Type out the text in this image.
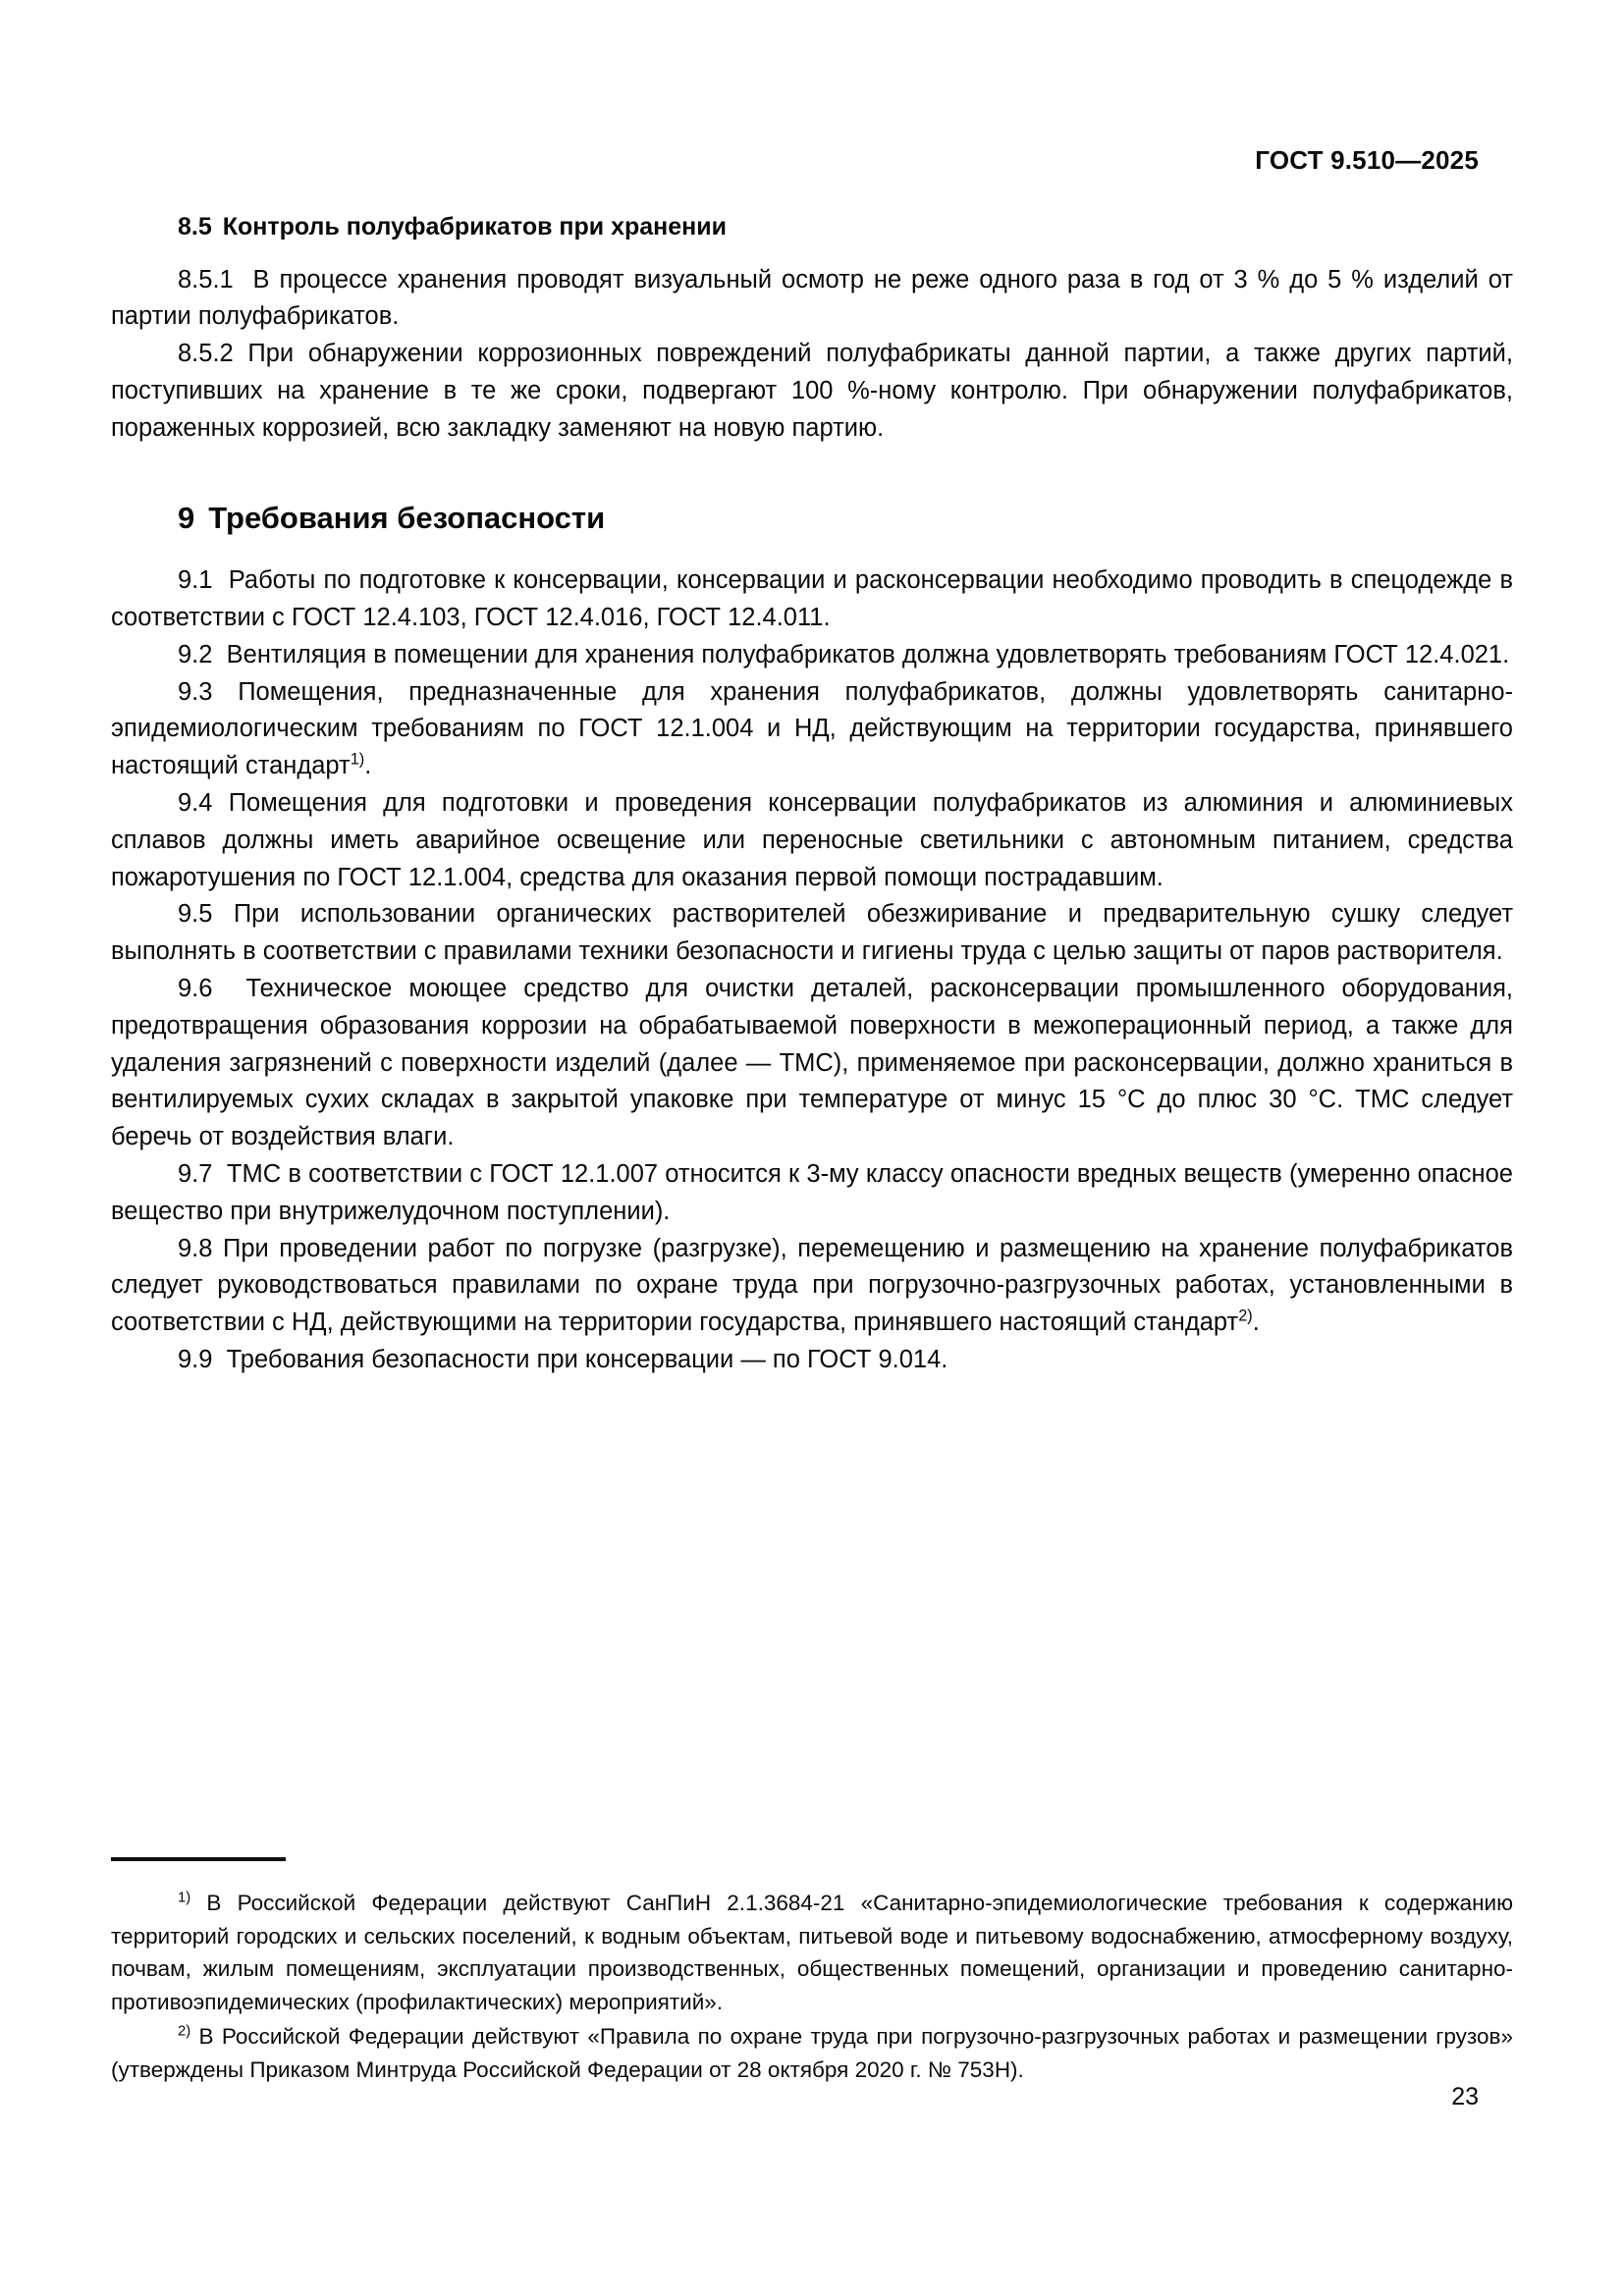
ГОСТ 9.510—2025
8.5 Контроль полуфабрикатов при хранении

8.5.1 В процессе хранения проводят визуальный осмотр не реже одного раза в год от 3 % до 5 % изделий от партии полуфабрикатов.

8.5.2 При обнаружении коррозионных повреждений полуфабрикаты данной партии, а также других партий, поступивших на хранение в те же сроки, подвергают 100 %-ному контролю. При обнаружении полуфабрикатов, пораженных коррозией, всю закладку заменяют на новую партию.

9 Требования безопасности

9.1 Работы по подготовке к консервации, консервации и расконсервации необходимо проводить в спецодежде в соответствии с ГОСТ 12.4.103, ГОСТ 12.4.016, ГОСТ 12.4.011.

9.2 Вентиляция в помещении для хранения полуфабрикатов должна удовлетворять требованиям ГОСТ 12.4.021.

9.3 Помещения, предназначенные для хранения полуфабрикатов, должны удовлетворять санитарно-эпидемиологическим требованиям по ГОСТ 12.1.004 и НД, действующим на территории государства, принявшего настоящий стандарт$^{1)}$.

9.4 Помещения для подготовки и проведения консервации полуфабрикатов из алюминия и алюминиевых сплавов должны иметь аварийное освещение или переносные светильники с автономным питанием, средства пожаротушения по ГОСТ 12.1.004, средства для оказания первой помощи пострадавшим.

9.5 При использовании органических растворителей обезжиривание и предварительную сушку следует выполнять в соответствии с правилами техники безопасности и гигиены труда с целью защиты от паров растворителя.

9.6 Техническое моющее средство для очистки деталей, расконсервации промышленного оборудования, предотвращения образования коррозии на обрабатываемой поверхности в межоперационный период, а также для удаления загрязнений с поверхности изделий (далее — ТМС), применяемое при расконсервации, должно храниться в вентилируемых сухих складах в закрытой упаковке при температуре от минус 15 °С до плюс 30 °С. ТМС следует беречь от воздействия влаги.

9.7 ТМС в соответствии с ГОСТ 12.1.007 относится к 3-му классу опасности вредных веществ (умеренно опасное вещество при внутрижелудочном поступлении).

9.8 При проведении работ по погрузке (разгрузке), перемещению и размещению на хранение полуфабрикатов следует руководствоваться правилами по охране труда при погрузочно-разгрузочных работах, установленными в соответствии с НД, действующими на территории государства, принявшего настоящий стандарт$^{2)}$.

9.9 Требования безопасности при консервации — по ГОСТ 9.014.

$^{1)}$ В Российской Федерации действуют СанПиН 2.1.3684-21 «Санитарно-эпидемиологические требования к содержанию территорий городских и сельских поселений, к водным объектам, питьевой воде и питьевому водоснабжению, атмосферному воздуху, почвам, жилым помещениям, эксплуатации производственных, общественных помещений, организации и проведению санитарно-противоэпидемических (профилактических) мероприятий».

$^{2)}$ В Российской Федерации действуют «Правила по охране труда при погрузочно-разгрузочных работах и размещении грузов» (утверждены Приказом Минтруда Российской Федерации от 28 октября 2020 г. № 753Н).

23
